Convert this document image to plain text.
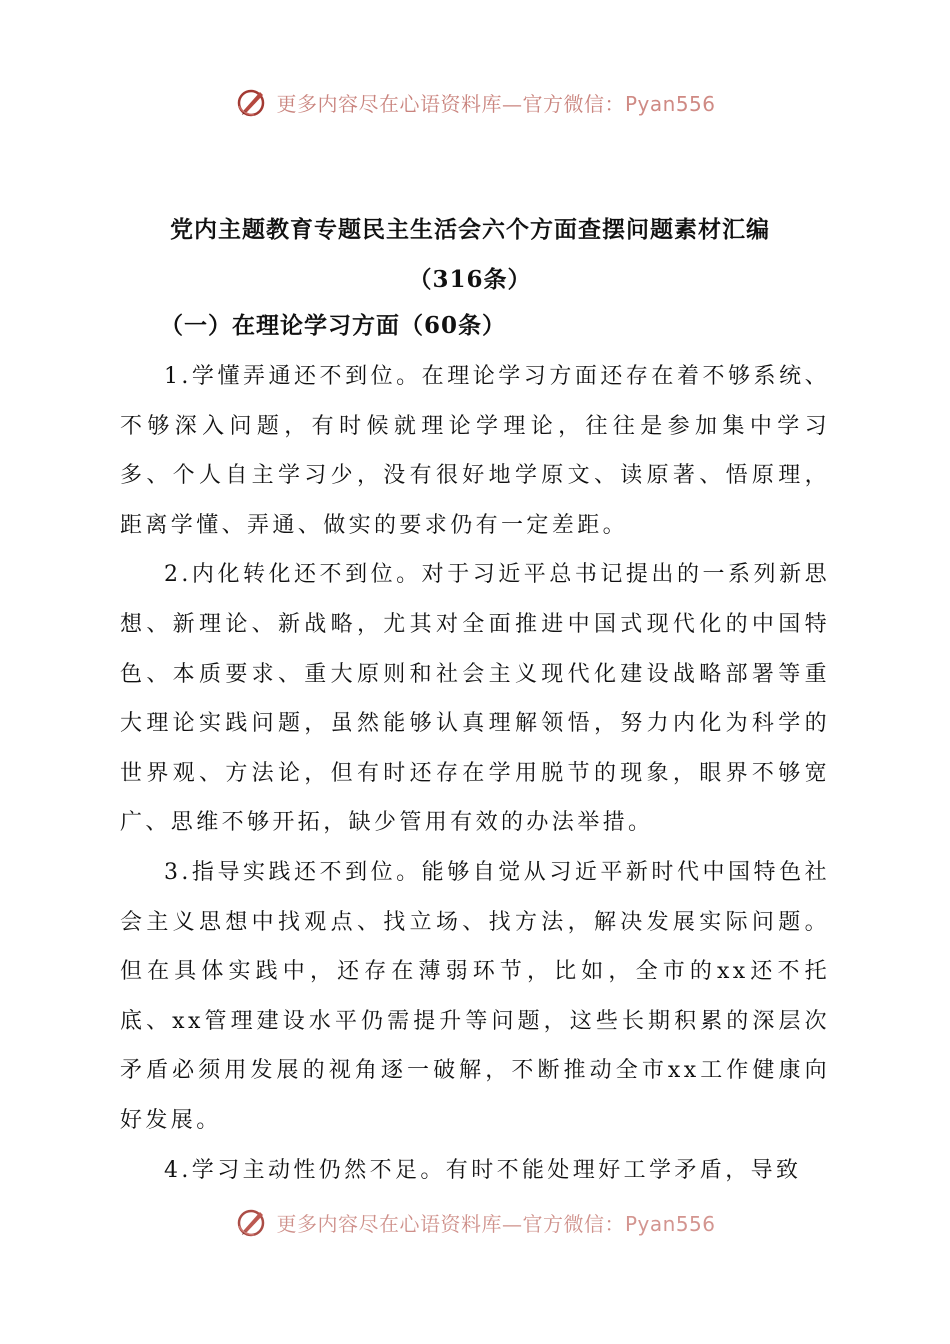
更多内容尽在心语资料库—官方微信：Pyan556
党内主题教育专题民主生活会六个方面查摆问题素材汇编
（316条）
（一）在理论学习方面（60条）

1.学懂弄通还不到位。在理论学习方面还存在着不够系统、不够深入问题，有时候就理论学理论，往往是参加集中学习多、个人自主学习少，没有很好地学原文、读原著、悟原理，距离学懂、弄通、做实的要求仍有一定差距。

2.内化转化还不到位。对于习近平总书记提出的一系列新思想、新理论、新战略，尤其对全面推进中国式现代化的中国特色、本质要求、重大原则和社会主义现代化建设战略部署等重大理论实践问题，虽然能够认真理解领悟，努力内化为科学的世界观、方法论，但有时还存在学用脱节的现象，眼界不够宽广、思维不够开拓，缺少管用有效的办法举措。

3.指导实践还不到位。能够自觉从习近平新时代中国特色社会主义思想中找观点、找立场、找方法，解决发展实际问题。但在具体实践中，还存在薄弱环节，比如，全市的xx还不托底、xx管理建设水平仍需提升等问题，这些长期积累的深层次矛盾必须用发展的视角逐一破解，不断推动全市xx工作健康向好发展。

4.学习主动性仍然不足。有时不能处理好工学矛盾，导致

更多内容尽在心语资料库—官方微信：Pyan556
